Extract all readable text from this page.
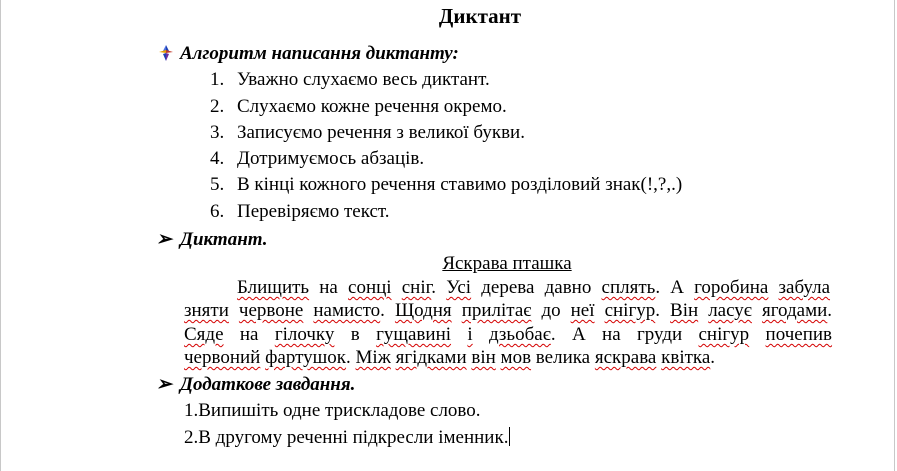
Диктант
Алгоритм написання диктанту:
1. Уважно слухаємо весь диктант.
2. Слухаємо кожне речення окремо.
3. Записуємо речення з великої букви.
4. Дотримуємось абзаців.
5. В кінці кожного речення ставимо розділовий знак(!,?,.)
6. Перевіряємо текст.
➢ Диктант.
Яскрава пташка
Блищить на сонці сніг. Усі дерева давно сплять. А горобина забула
зняти червоне намисто. Щодня прилітає до неї снігур. Він ласує ягодами.
Сяде на гілочку в гущавині і дзьобає. А на груди снігур почепив
червоний фартушок. Між ягідками він мов велика яскрава квітка.
➢ Додаткове завдання.
1.Випишіть одне трискладове слово.
2.В другому реченні підкресли іменник.
